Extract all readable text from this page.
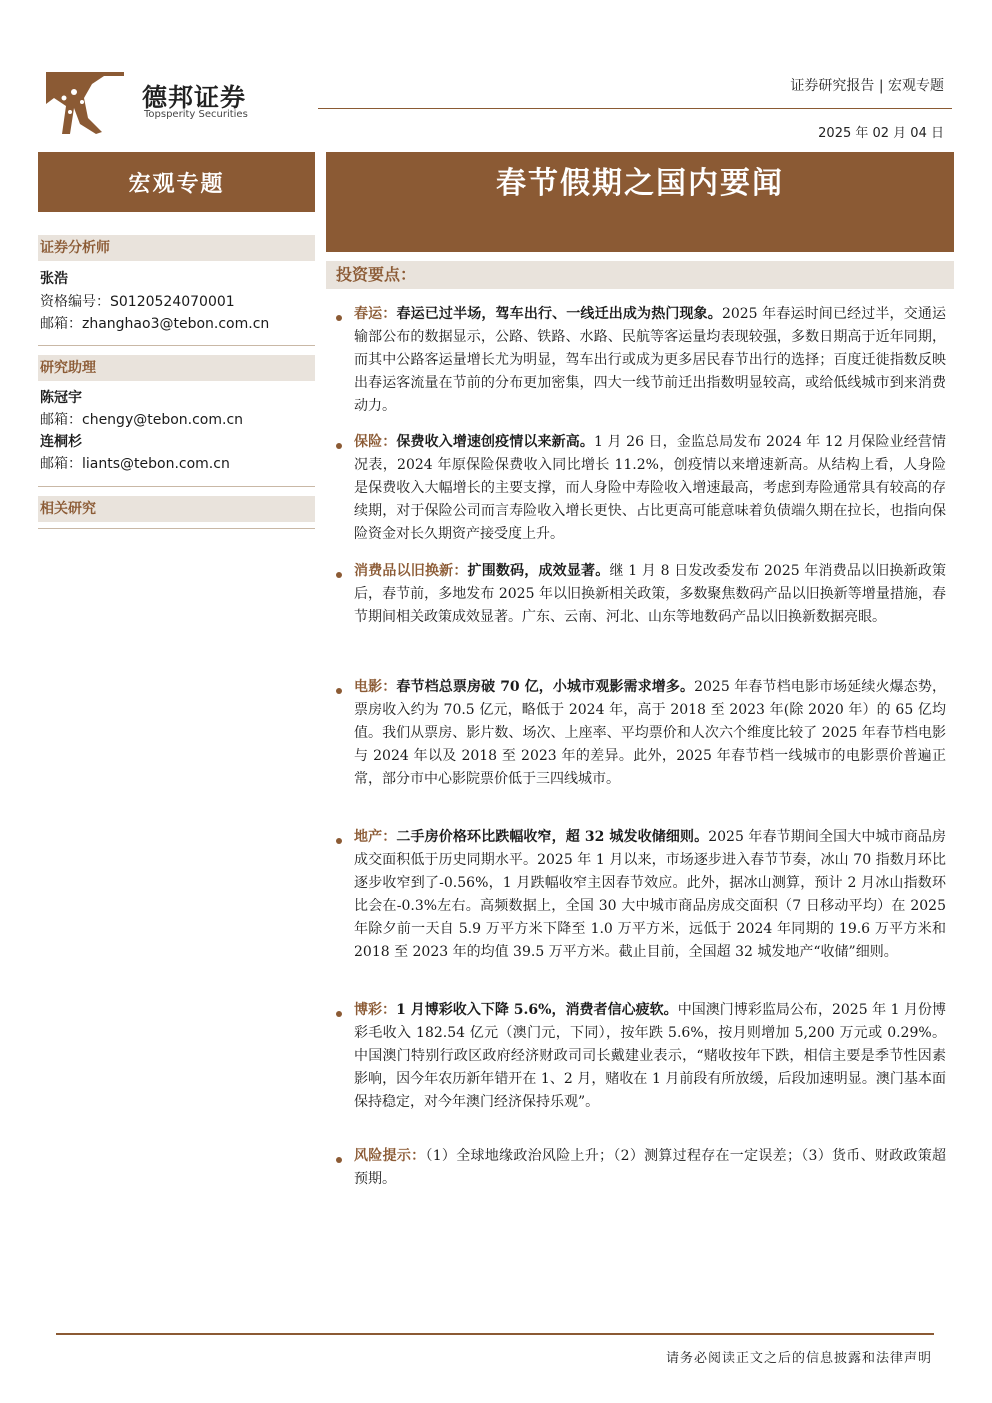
德邦证券
Topsperity Securities
证券研究报告 | 宏观专题
2025 年 02 月 04 日
宏观专题	春节假期之国内要闻
证券分析师
张浩
资格编号：S0120524070001
邮箱：zhanghao3@tebon.com.cn
研究助理
陈冠宇
邮箱：chengy@tebon.com.cn
连桐杉
邮箱：liants@tebon.com.cn
相关研究
投资要点：
春运：春运已过半场，驾车出行、一线迁出成为热门现象。2025 年春运时间已经过半，交通运输部公布的数据显示，公路、铁路、水路、民航等客运量均表现较强，多数日期高于近年同期，而其中公路客运量增长尤为明显，驾车出行或成为更多居民春节出行的选择；百度迁徙指数反映出春运客流量在节前的分布更加密集，四大一线节前迁出指数明显较高，或给低线城市到来消费动力。
保险：保费收入增速创疫情以来新高。1 月 26 日，金监总局发布 2024 年 12 月保险业经营情况表，2024 年原保险保费收入同比增长 11.2%，创疫情以来增速新高。从结构上看，人身险是保费收入大幅增长的主要支撑，而人身险中寿险收入增速最高，考虑到寿险通常具有较高的存续期，对于保险公司而言寿险收入增长更快、占比更高可能意味着负债端久期在拉长，也指向保险资金对长久期资产接受度上升。
消费品以旧换新：扩围数码，成效显著。继 1 月 8 日发改委发布 2025 年消费品以旧换新政策后，春节前，多地发布 2025 年以旧换新相关政策，多数聚焦数码产品以旧换新等增量措施，春节期间相关政策成效显著。广东、云南、河北、山东等地数码产品以旧换新数据亮眼。
电影：春节档总票房破 70 亿，小城市观影需求增多。2025 年春节档电影市场延续火爆态势，票房收入约为 70.5 亿元，略低于 2024 年，高于 2018 至 2023 年(除 2020 年）的 65 亿均值。我们从票房、影片数、场次、上座率、平均票价和人次六个维度比较了 2025 年春节档电影与 2024 年以及 2018 至 2023 年的差异。此外，2025 年春节档一线城市的电影票价普遍正常，部分市中心影院票价低于三四线城市。
地产：二手房价格环比跌幅收窄，超 32 城发收储细则。2025 年春节期间全国大中城市商品房成交面积低于历史同期水平。2025 年 1 月以来，市场逐步进入春节节奏，冰山 70 指数月环比逐步收窄到了-0.56%，1 月跌幅收窄主因春节效应。此外，据冰山测算，预计 2 月冰山指数环比会在-0.3%左右。高频数据上，全国 30 大中城市商品房成交面积（7 日移动平均）在 2025 年除夕前一天自 5.9 万平方米下降至 1.0 万平方米，远低于 2024 年同期的 19.6 万平方米和 2018 至 2023 年的均值 39.5 万平方米。截止目前，全国超 32 城发地产“收储”细则。
博彩：1 月博彩收入下降 5.6%，消费者信心疲软。中国澳门博彩监局公布，2025 年 1 月份博彩毛收入 182.54 亿元（澳门元，下同），按年跌 5.6%，按月则增加 5,200 万元或 0.29%。中国澳门特别行政区政府经济财政司司长戴建业表示，“赌收按年下跌，相信主要是季节性因素影响，因今年农历新年错开在 1、2 月，赌收在 1 月前段有所放缓，后段加速明显。澳门基本面保持稳定，对今年澳门经济保持乐观”。
风险提示：（1）全球地缘政治风险上升；（2）测算过程存在一定误差；（3）货币、财政政策超预期。
请务必阅读正文之后的信息披露和法律声明
